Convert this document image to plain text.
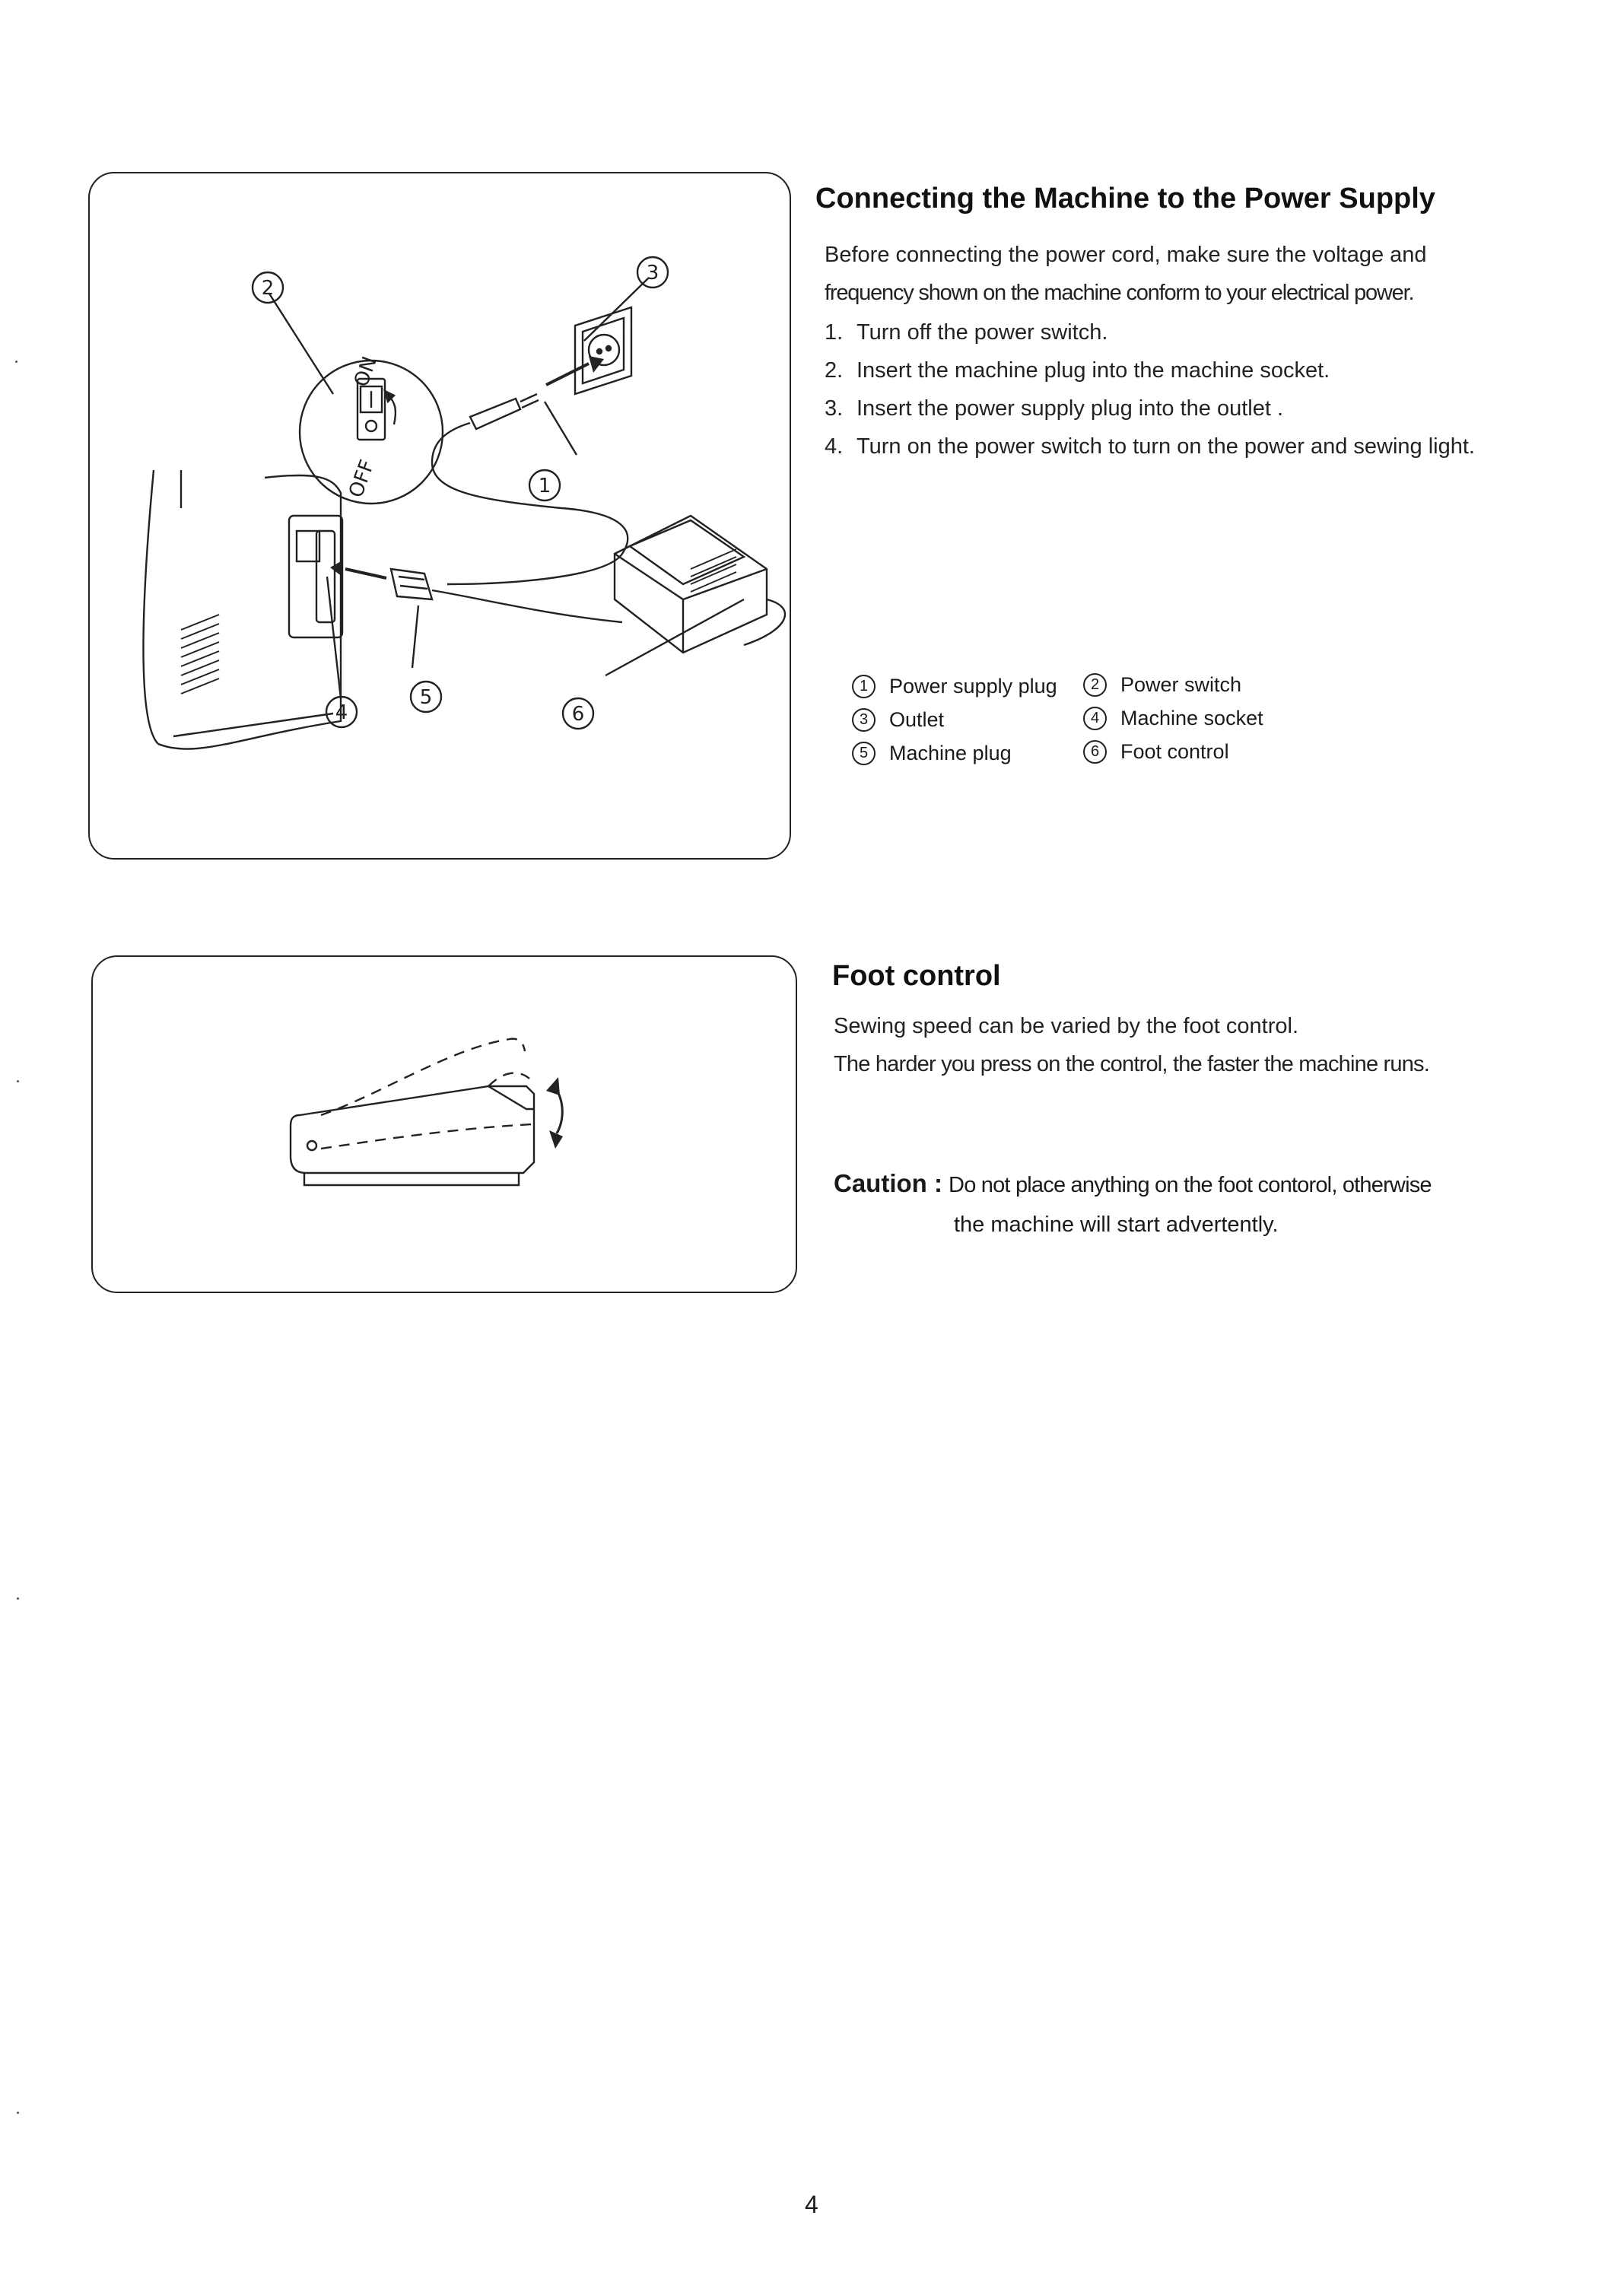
ON
OFF
2
3
1
4
5
6
Connecting the Machine to the Power Supply
Before connecting the power cord, make sure the voltage and
frequency shown on the machine conform to your electrical power.
1. Turn off the power switch.
2. Insert the machine plug into the machine socket.
3. Insert the power supply plug into the outlet .
4. Turn on the power switch to turn on the power and sewing light.
1	Power supply plug	2	Power switch
3	Outlet	4	Machine socket
5	Machine plug	6	Foot control
Foot control
Sewing speed can be varied by the foot control.
The harder you press on the control, the faster the machine runs.
Caution : Do not place anything on the foot contorol, otherwise
the machine will start advertently.
4
